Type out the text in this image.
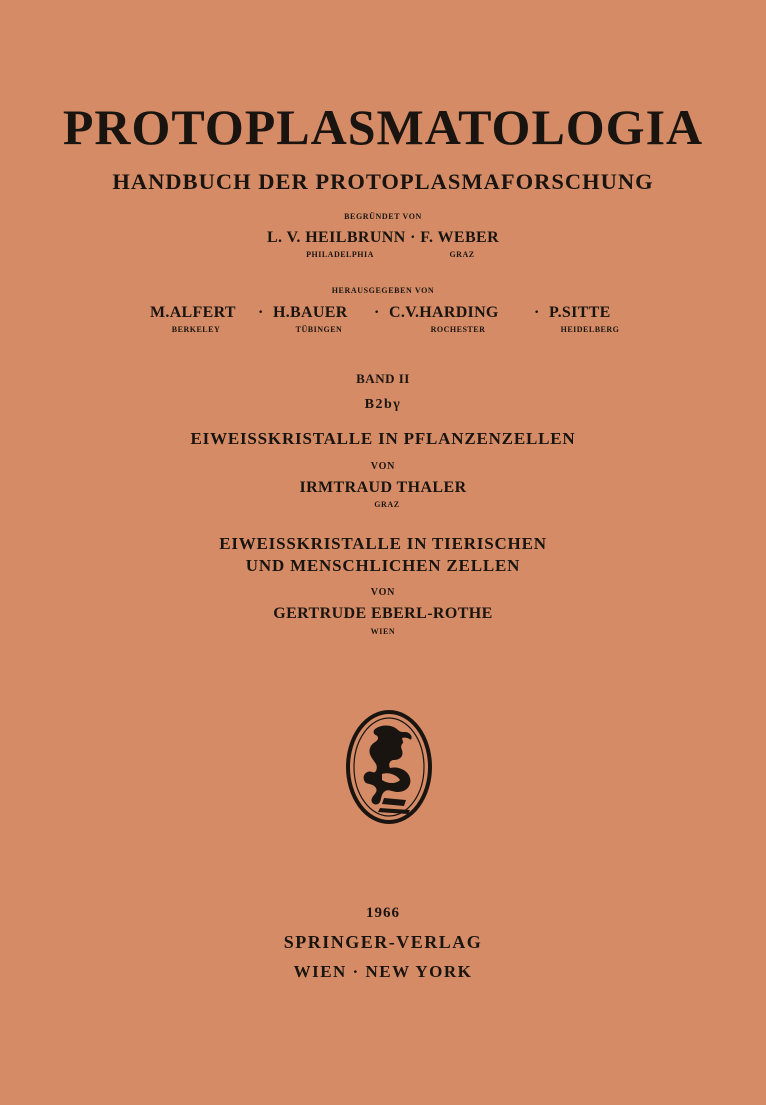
PROTOPLASMATOLOGIA
HANDBUCH DER PROTOPLASMAFORSCHUNG
BEGRÜNDET VON
L. V. HEILBRUNN · F. WEBER
PHILADELPHIA	GRAZ
HERAUSGEGEBEN VON
M.ALFERT · H.BAUER · C.V.HARDING · P.SITTE
BERKELEY	TÜBINGEN	ROCHESTER	HEIDELBERG
BAND II
B2bγ
EIWEISSKRISTALLE IN PFLANZENZELLEN
VON
IRMTRAUD THALER
GRAZ
EIWEISSKRISTALLE IN TIERISCHEN
UND MENSCHLICHEN ZELLEN
VON
GERTRUDE EBERL-ROTHE
WIEN
1966
SPRINGER-VERLAG
WIEN · NEW YORK
